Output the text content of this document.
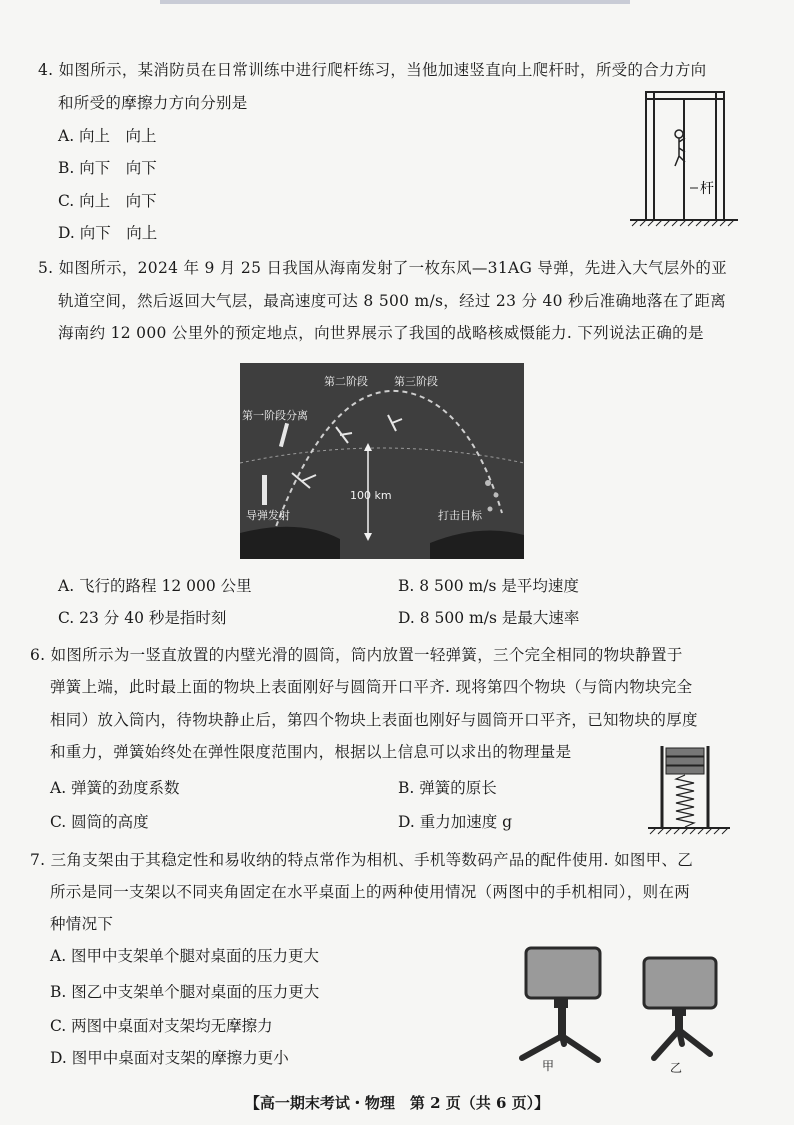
4. 如图所示，某消防员在日常训练中进行爬杆练习，当他加速竖直向上爬杆时，所受的合力方向
和所受的摩擦力方向分别是
A. 向上　向上
B. 向下　向下
C. 向上　向下
D. 向下　向上
杆
5. 如图所示，2024 年 9 月 25 日我国从海南发射了一枚东风—31AG 导弹，先进入大气层外的亚
轨道空间，然后返回大气层，最高速度可达 8 500 m/s，经过 23 分 40 秒后准确地落在了距离
海南约 12 000 公里外的预定地点，向世界展示了我国的战略核威慑能力. 下列说法正确的是
第一阶段分离
第二阶段 第三阶段
100 km
导弹发射	打击目标
A. 飞行的路程 12 000 公里	B. 8 500 m/s 是平均速度
C. 23 分 40 秒是指时刻	D. 8 500 m/s 是最大速率
6. 如图所示为一竖直放置的内壁光滑的圆筒，筒内放置一轻弹簧，三个完全相同的物块静置于
弹簧上端，此时最上面的物块上表面刚好与圆筒开口平齐. 现将第四个物块（与筒内物块完全
相同）放入筒内，待物块静止后，第四个物块上表面也刚好与圆筒开口平齐，已知物块的厚度
和重力，弹簧始终处在弹性限度范围内，根据以上信息可以求出的物理量是
A. 弹簧的劲度系数	B. 弹簧的原长
C. 圆筒的高度	D. 重力加速度 g
7. 三角支架由于其稳定性和易收纳的特点常作为相机、手机等数码产品的配件使用. 如图甲、乙
所示是同一支架以不同夹角固定在水平桌面上的两种使用情况（两图中的手机相同），则在两
种情况下
A. 图甲中支架单个腿对桌面的压力更大
B. 图乙中支架单个腿对桌面的压力更大
C. 两图中桌面对支架均无摩擦力
D. 图甲中桌面对支架的摩擦力更小	甲	乙
【高一期末考试・物理　第 2 页（共 6 页）】
